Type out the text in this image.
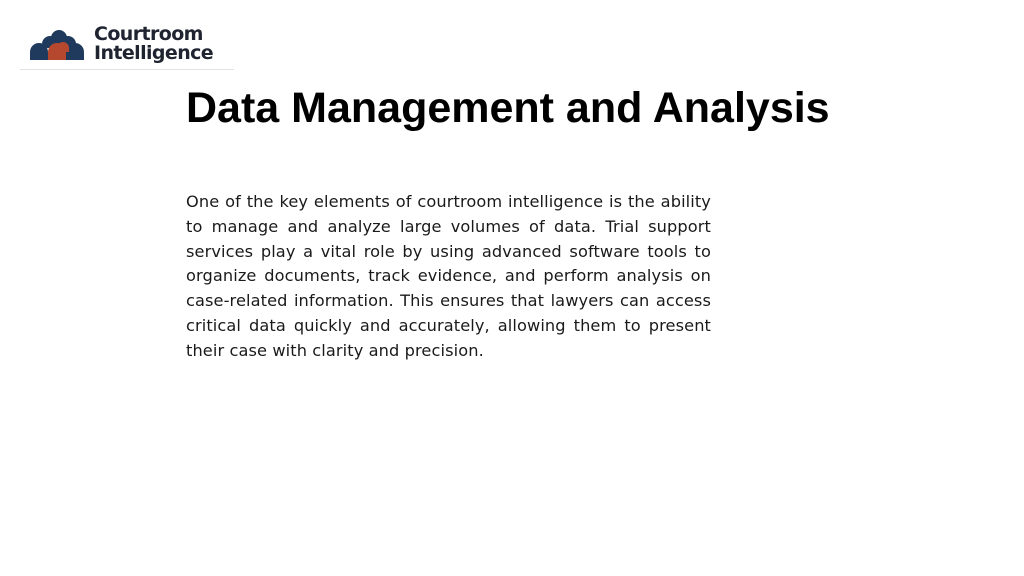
Courtroom
Intelligence
Data Management and Analysis

One of the key elements of courtroom intelligence is the ability to manage and analyze large volumes of data. Trial support services play a vital role by using advanced software tools to organize documents, track evidence, and perform analysis on case-related information. This ensures that lawyers can access critical data quickly and accurately, allowing them to present their case with clarity and precision.
